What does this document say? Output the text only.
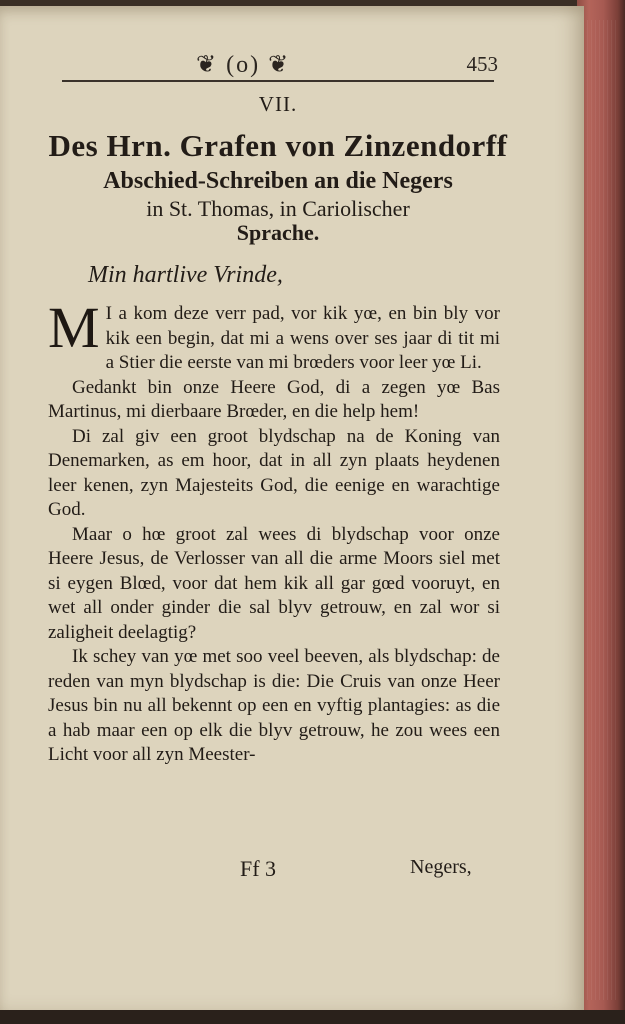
❦ (o) ❦	453
VII.
Des Hrn. Grafen von Zinzendorff
Abschied-Schreiben an die Negers
in St. Thomas, in Cariolischer
Sprache.
Min hartlive Vrinde,

M I a kom deze verr pad, vor kik yœ, en bin bly vor kik een begin, dat mi a wens over ses jaar di tit mi a Stier die eerste van mi brœders voor leer yœ Li.

Gedankt bin onze Heere God, di a zegen yœ Bas Martinus, mi dierbaare Brœder, en die help hem!

Di zal giv een groot blydschap na de Koning van Denemarken, as em hoor, dat in all zyn plaats heydenen leer kenen, zyn Majesteits God, die eenige en warachtige God.

Maar o hœ groot zal wees di blydschap voor onze Heere Jesus, de Verlosser van all die arme Moors siel met si eygen Blœd, voor dat hem kik all gar gœd vooruyt, en wet all onder ginder die sal blyv getrouw, en zal wor si zaligheit deelagtig?

Ik schey van yœ met soo veel beeven, als blydschap: de reden van myn blydschap is die: Die Cruis van onze Heer Jesus bin nu all bekennt op een en vyftig plantagies: as die a hab maar een op elk die blyv getrouw, he zou wees een Licht voor all zyn Meester-

Ff 3	Negers,
